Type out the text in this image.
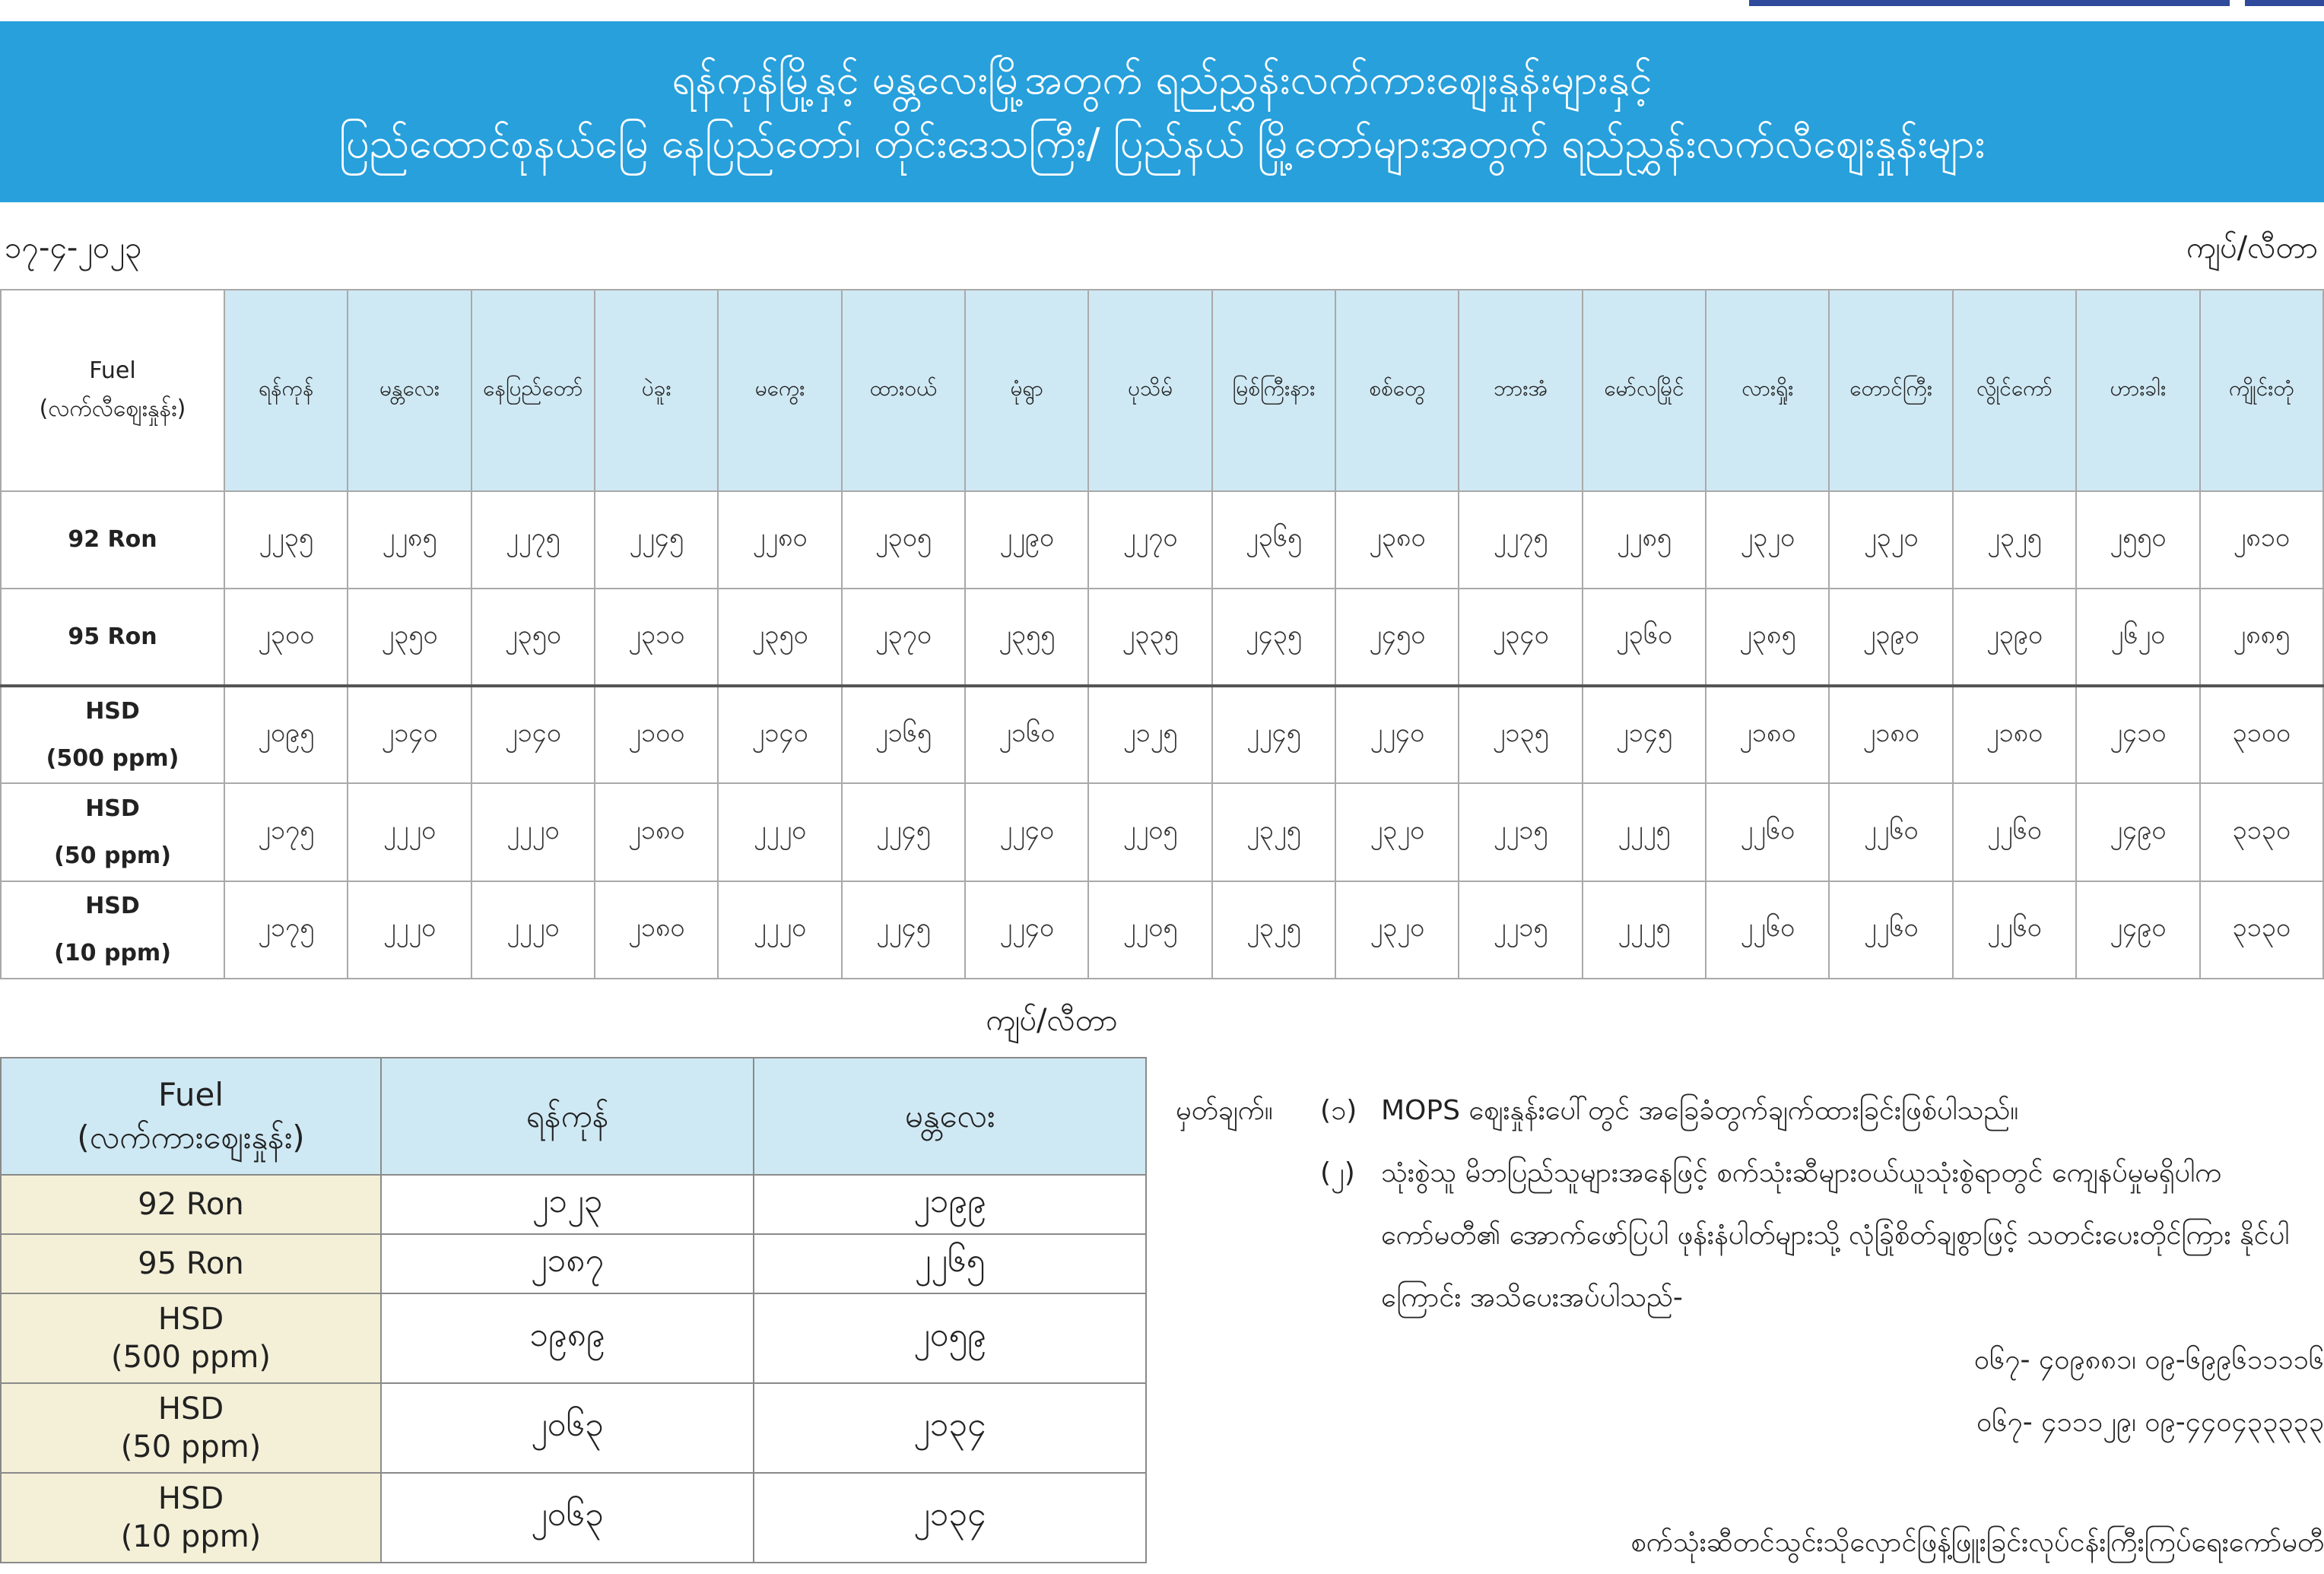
ရန်ကုန်မြို့နှင့် မန္တလေးမြို့အတွက် ရည်ညွှန်းလက်ကားဈေးနှုန်းများနှင့်
ပြည်ထောင်စုနယ်မြေ နေပြည်တော်၊ တိုင်းဒေသကြီး/ ပြည်နယ် မြို့တော်များအတွက် ရည်ညွှန်းလက်လီဈေးနှုန်းများ
၁၇-၄-၂၀၂၃	ကျပ်/လီတာ
Fuel
(လက်လီဈေးနှုန်း)	ရန်ကုန်	မန္တလေး	နေပြည်တော်	ပဲခူး	မကွေး	ထားဝယ်	မုံရွာ	ပုသိမ်	မြစ်ကြီးနား	စစ်တွေ	ဘားအံ	မော်လမြိုင်	လားရှိုး	တောင်ကြီး	လွိုင်ကော်	ဟားခါး	ကျိုင်းတုံ

92 Ron	၂၂၃၅	၂၂၈၅	၂၂၇၅	၂၂၄၅	၂၂၈၀	၂၃၀၅	၂၂၉၀	၂၂၇၀	၂၃၆၅	၂၃၈၀	၂၂၇၅	၂၂၈၅	၂၃၂၀	၂၃၂၀	၂၃၂၅	၂၅၅၀	၂၈၁၀

95 Ron	၂၃၀၀	၂၃၅၀	၂၃၅၀	၂၃၁၀	၂၃၅၀	၂၃၇၀	၂၃၅၅	၂၃၃၅	၂၄၃၅	၂၄၅၀	၂၃၄၀	၂၃၆၀	၂၃၈၅	၂၃၉၀	၂၃၉၀	၂၆၂၀	၂၈၈၅

HSD
(500 ppm)	၂၀၉၅	၂၁၄၀	၂၁၄၀	၂၁၀၀	၂၁၄၀	၂၁၆၅	၂၁၆၀	၂၁၂၅	၂၂၄၅	၂၂၄၀	၂၁၃၅	၂၁၄၅	၂၁၈၀	၂၁၈၀	၂၁၈၀	၂၄၁၀	၃၁၀၀

HSD
(50 ppm)	၂၁၇၅	၂၂၂၀	၂၂၂၀	၂၁၈၀	၂၂၂၀	၂၂၄၅	၂၂၄၀	၂၂၀၅	၂၃၂၅	၂၃၂၀	၂၂၁၅	၂၂၂၅	၂၂၆၀	၂၂၆၀	၂၂၆၀	၂၄၉၀	၃၁၃၀

HSD
(10 ppm)	၂၁၇၅	၂၂၂၀	၂၂၂၀	၂၁၈၀	၂၂၂၀	၂၂၄၅	၂၂၄၀	၂၂၀၅	၂၃၂၅	၂၃၂၀	၂၂၁၅	၂၂၂၅	၂၂၆၀	၂၂၆၀	၂၂၆၀	၂၄၉၀	၃၁၃၀
ကျပ်/လီတာ
Fuel
(လက်ကားဈေးနှုန်း)	ရန်ကုန်	မန္တလေး

92 Ron	၂၁၂၃	၂၁၉၉

95 Ron	၂၁၈၇	၂၂၆၅

HSD
(500 ppm)	၁၉၈၉	၂၀၅၉

HSD
(50 ppm)	၂၀၆၃	၂၁၃၄

HSD
(10 ppm)	၂၀၆၃	၂၁၃၄
မှတ်ချက်။ (၁) MOPS ဈေးနှုန်းပေါ်တွင် အခြေခံတွက်ချက်ထားခြင်းဖြစ်ပါသည်။
(၂) သုံးစွဲသူ မိဘပြည်သူများအနေဖြင့် စက်သုံးဆီများဝယ်ယူသုံးစွဲရာတွင် ကျေနပ်မှုမရှိပါက ကော်မတီ၏ အောက်ဖော်ပြပါ ဖုန်းနံပါတ်များသို့ လုံခြုံစိတ်ချစွာဖြင့် သတင်းပေးတိုင်ကြား နိုင်ပါကြောင်း အသိပေးအပ်ပါသည်-
၀၆၇- ၄၀၉၈၈၁၊ ၀၉-၆၉၉၆၁၁၁၁၆
၀၆၇- ၄၁၁၁၂၉၊ ၀၉-၄၄၀၄၃၃၃၃၃
စက်သုံးဆီတင်သွင်းသိုလှောင်ဖြန့်ဖြူးခြင်းလုပ်ငန်းကြီးကြပ်ရေးကော်မတီ
